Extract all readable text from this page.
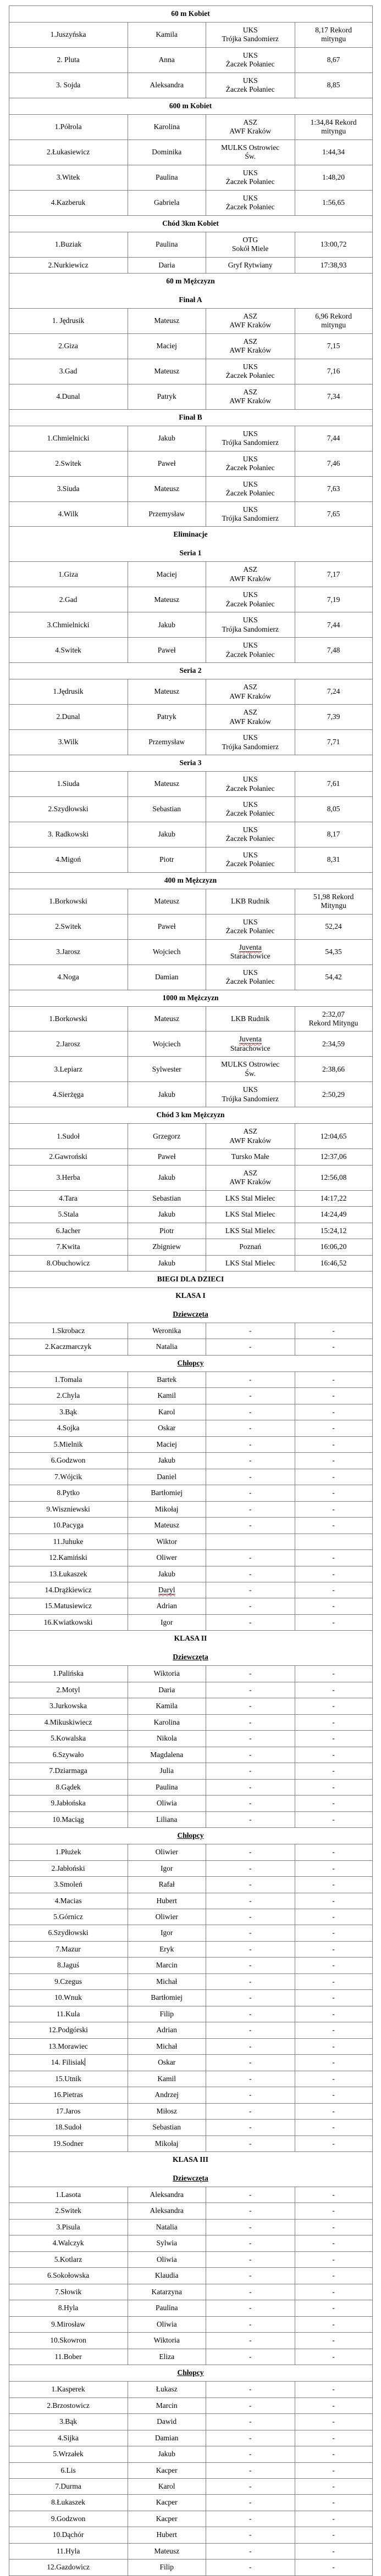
60 m Kobiet			

1.Juszyńska	Kamila	UKS
Trójka Sandomierz	8,17 Rekord
mityngu
2. Pluta	Anna	UKS
Żaczek Połaniec	8,67
3. Sojda	Aleksandra	UKS
Żaczek Połaniec	8,85

600 m Kobiet			

1.Półrola	Karolina	ASZ
AWF Kraków	1:34,84 Rekord
mityngu
2.Łukasiewicz	Dominika	MULKS Ostrowiec
Św.	1:44,34
3.Witek	Paulina	UKS
Żaczek Połaniec	1:48,20
4.Kazberuk	Gabriela	UKS
Żaczek Połaniec	1:56,65

Chód 3km Kobiet			

1.Buziak	Paulina	OTG
Sokół Miele	13:00,72
2.Nurkiewicz	Daria	Gryf Rytwiany	17:38,93

60 m Mężczyzn

Finał A			

1. Jędrusik	Mateusz	ASZ
AWF Kraków	6,96 Rekord
mityngu
2.Giza	Maciej	ASZ
AWF Kraków	7,15
3.Gad	Mateusz	UKS
Żaczek Połaniec	7,16
4.Dunal	Patryk	ASZ
AWF Kraków	7,34

Finał B			

1.Chmielnicki	Jakub	UKS
Trójka Sandomierz	7,44
2.Switek	Paweł	UKS
Żaczek Połaniec	7,46
3.Siuda	Mateusz	UKS
Żaczek Połaniec	7,63
4.Wilk	Przemysław	UKS
Trójka Sandomierz	7,65

Eliminacje

Seria 1			

1.Giza	Maciej	ASZ
AWF Kraków	7,17
2.Gad	Mateusz	UKS
Żaczek Połaniec	7,19
3.Chmielnicki	Jakub	UKS
Trójka Sandomierz	7,44
4.Switek	Paweł	UKS
Żaczek Połaniec	7,48

Seria 2			

1.Jędrusik	Mateusz	ASZ
AWF Kraków	7,24
2.Dunal	Patryk	ASZ
AWF Kraków	7,39
3.Wilk	Przemysław	UKS
Trójka Sandomierz	7,71

Seria 3			

1.Siuda	Mateusz	UKS
Żaczek Połaniec	7,61
2.Szydłowski	Sebastian	UKS
Żaczek Połaniec	8,05
3. Radkowski	Jakub	UKS
Żaczek Połaniec	8,17
4.Migoń	Piotr	UKS
Żaczek Połaniec	8,31

400 m Mężczyzn			

1.Borkowski	Mateusz	LKB Rudnik	51,98 Rekord
Mityngu
2.Switek	Paweł	UKS
Żaczek Połaniec	52,24
3.Jarosz	Wojciech	Juventa
Starachowice	54,35
4.Noga	Damian	UKS
Żaczek Połaniec	54,42

1000 m Mężczyzn			

1.Borkowski	Mateusz	LKB Rudnik	2:32,07
Rekord Mityngu
2.Jarosz	Wojciech	Juventa
Starachowice	2:34,59
3.Lepiarz	Sylwester	MULKS Ostrowiec
Św.	2:38,66
4.Sierżęga	Jakub	UKS
Trójka Sandomierz	2:50,29

Chód 3 km Mężczyzn			

1.Sudoł	Grzegorz	ASZ
AWF Kraków	12:04,65
2.Gawroński	Paweł	Tursko Małe	12:37,06
3.Herba	Jakub	ASZ
AWF Kraków	12:56,08
4.Tara	Sebastian	LKS Stal Mielec	14:17,22
5.Stala	Jakub	LKS Stal Mielec	14:24,49
6.Jacher	Piotr	LKS Stal Mielec	15:24,12
7.Kwita	Zbigniew	Poznań	16:06,20
8.Obuchowicz	Jakub	LKS Stal Mielec	16:46,52

BIEGI DLA DZIECI			

KLASA I

Dziewczęta			

1.Skrobacz	Weronika	-	-
2.Kaczmarczyk	Natalia	-	-

Chłopcy			

1.Tomala	Bartek	-	-
2.Chyla	Kamil	-	-
3.Bąk	Karol	-	-
4.Sojka	Oskar	-	-
5.Mielnik	Maciej	-	-
6.Godzwon	Jakub	-	-
7.Wójcik	Daniel	-	-
8.Pytko	Bartłomiej	-	-
9.Wiszniewski	Mikołaj	-	-
10.Pacyga	Mateusz	-	-
11.Juhuke	Wiktor		
12.Kamiński	Oliwer	-	-
13.Łukaszek	Jakub	-	-
14.Drążkiewicz	Daryl	-	-
15.Matusiewicz	Adrian	-	-
16.Kwiatkowski	Igor	-	-

KLASA II

Dziewczęta			

1.Palińska	Wiktoria	-	-
2.Motyl	Daria	-	-
3.Jurkowska	Kamila	-	-
4.Mikuskiwiecz	Karolina	-	-
5.Kowalska	Nikola	-	-
6.Szywało	Magdalena	-	-
7.Dziarmaga	Julia	-	-
8.Gądek	Paulina	-	-
9.Jabłońska	Oliwia	-	-
10.Maciąg	Liliana	-	-

Chłopcy			

1.Płużek	Oliwier	-	-
2.Jabłoński	Igor	-	-
3.Smoleń	Rafał	-	-
4.Macias	Hubert	-	-
5.Górnicz	Oliwier	-	-
6.Szydłowski	Igor	-	-
7.Mazur	Eryk	-	-
8.Jaguś	Marcin	-	-
9.Czegus	Michał	-	-
10.Wnuk	Bartłomiej	-	-
11.Kula	Filip	-	-
12.Podgórski	Adrian	-	-
13.Morawiec	Michał	-	-
14. Filisiak	Oskar	-	-
15.Utnik	Kamil	-	-
16.Pietras	Andrzej	-	-
17.Jaros	Miłosz	-	-
18.Sudoł	Sebastian	-	-
19.Sodner	Mikołaj	-	-

KLASA III

Dziewczęta			

1.Lasota	Aleksandra	-	-
2.Switek	Aleksandra	-	-
3.Pisula	Natalia	-	-
4.Walczyk	Sylwia	-	-
5.Kotlarz	Oliwia	-	-
6.Sokołowska	Klaudia	-	-
7.Słowik	Katarzyna	-	-
8.Hyla	Paulina	-	-
9.Mirosław	Oliwia	-	-
10.Skowron	Wiktoria	-	-
11.Bober	Eliza	-	-

Chłopcy			

1.Kasperek	Łukasz	-	-
2.Brzostowicz	Marcin	-	-
3.Bąk	Dawid	-	-
4.Sijka	Damian	-	-
5.Wrzałek	Jakub	-	-
6.Lis	Kacper	-	-
7.Durma	Karol	-	-
8.Łukaszek	Kacper	-	-
9.Godzwon	Kacper	-	-
10.Dąchór	Hubert	-	-
11.Hyla	Mateusz	-	-
12.Gazdowicz	Filip	-	-
